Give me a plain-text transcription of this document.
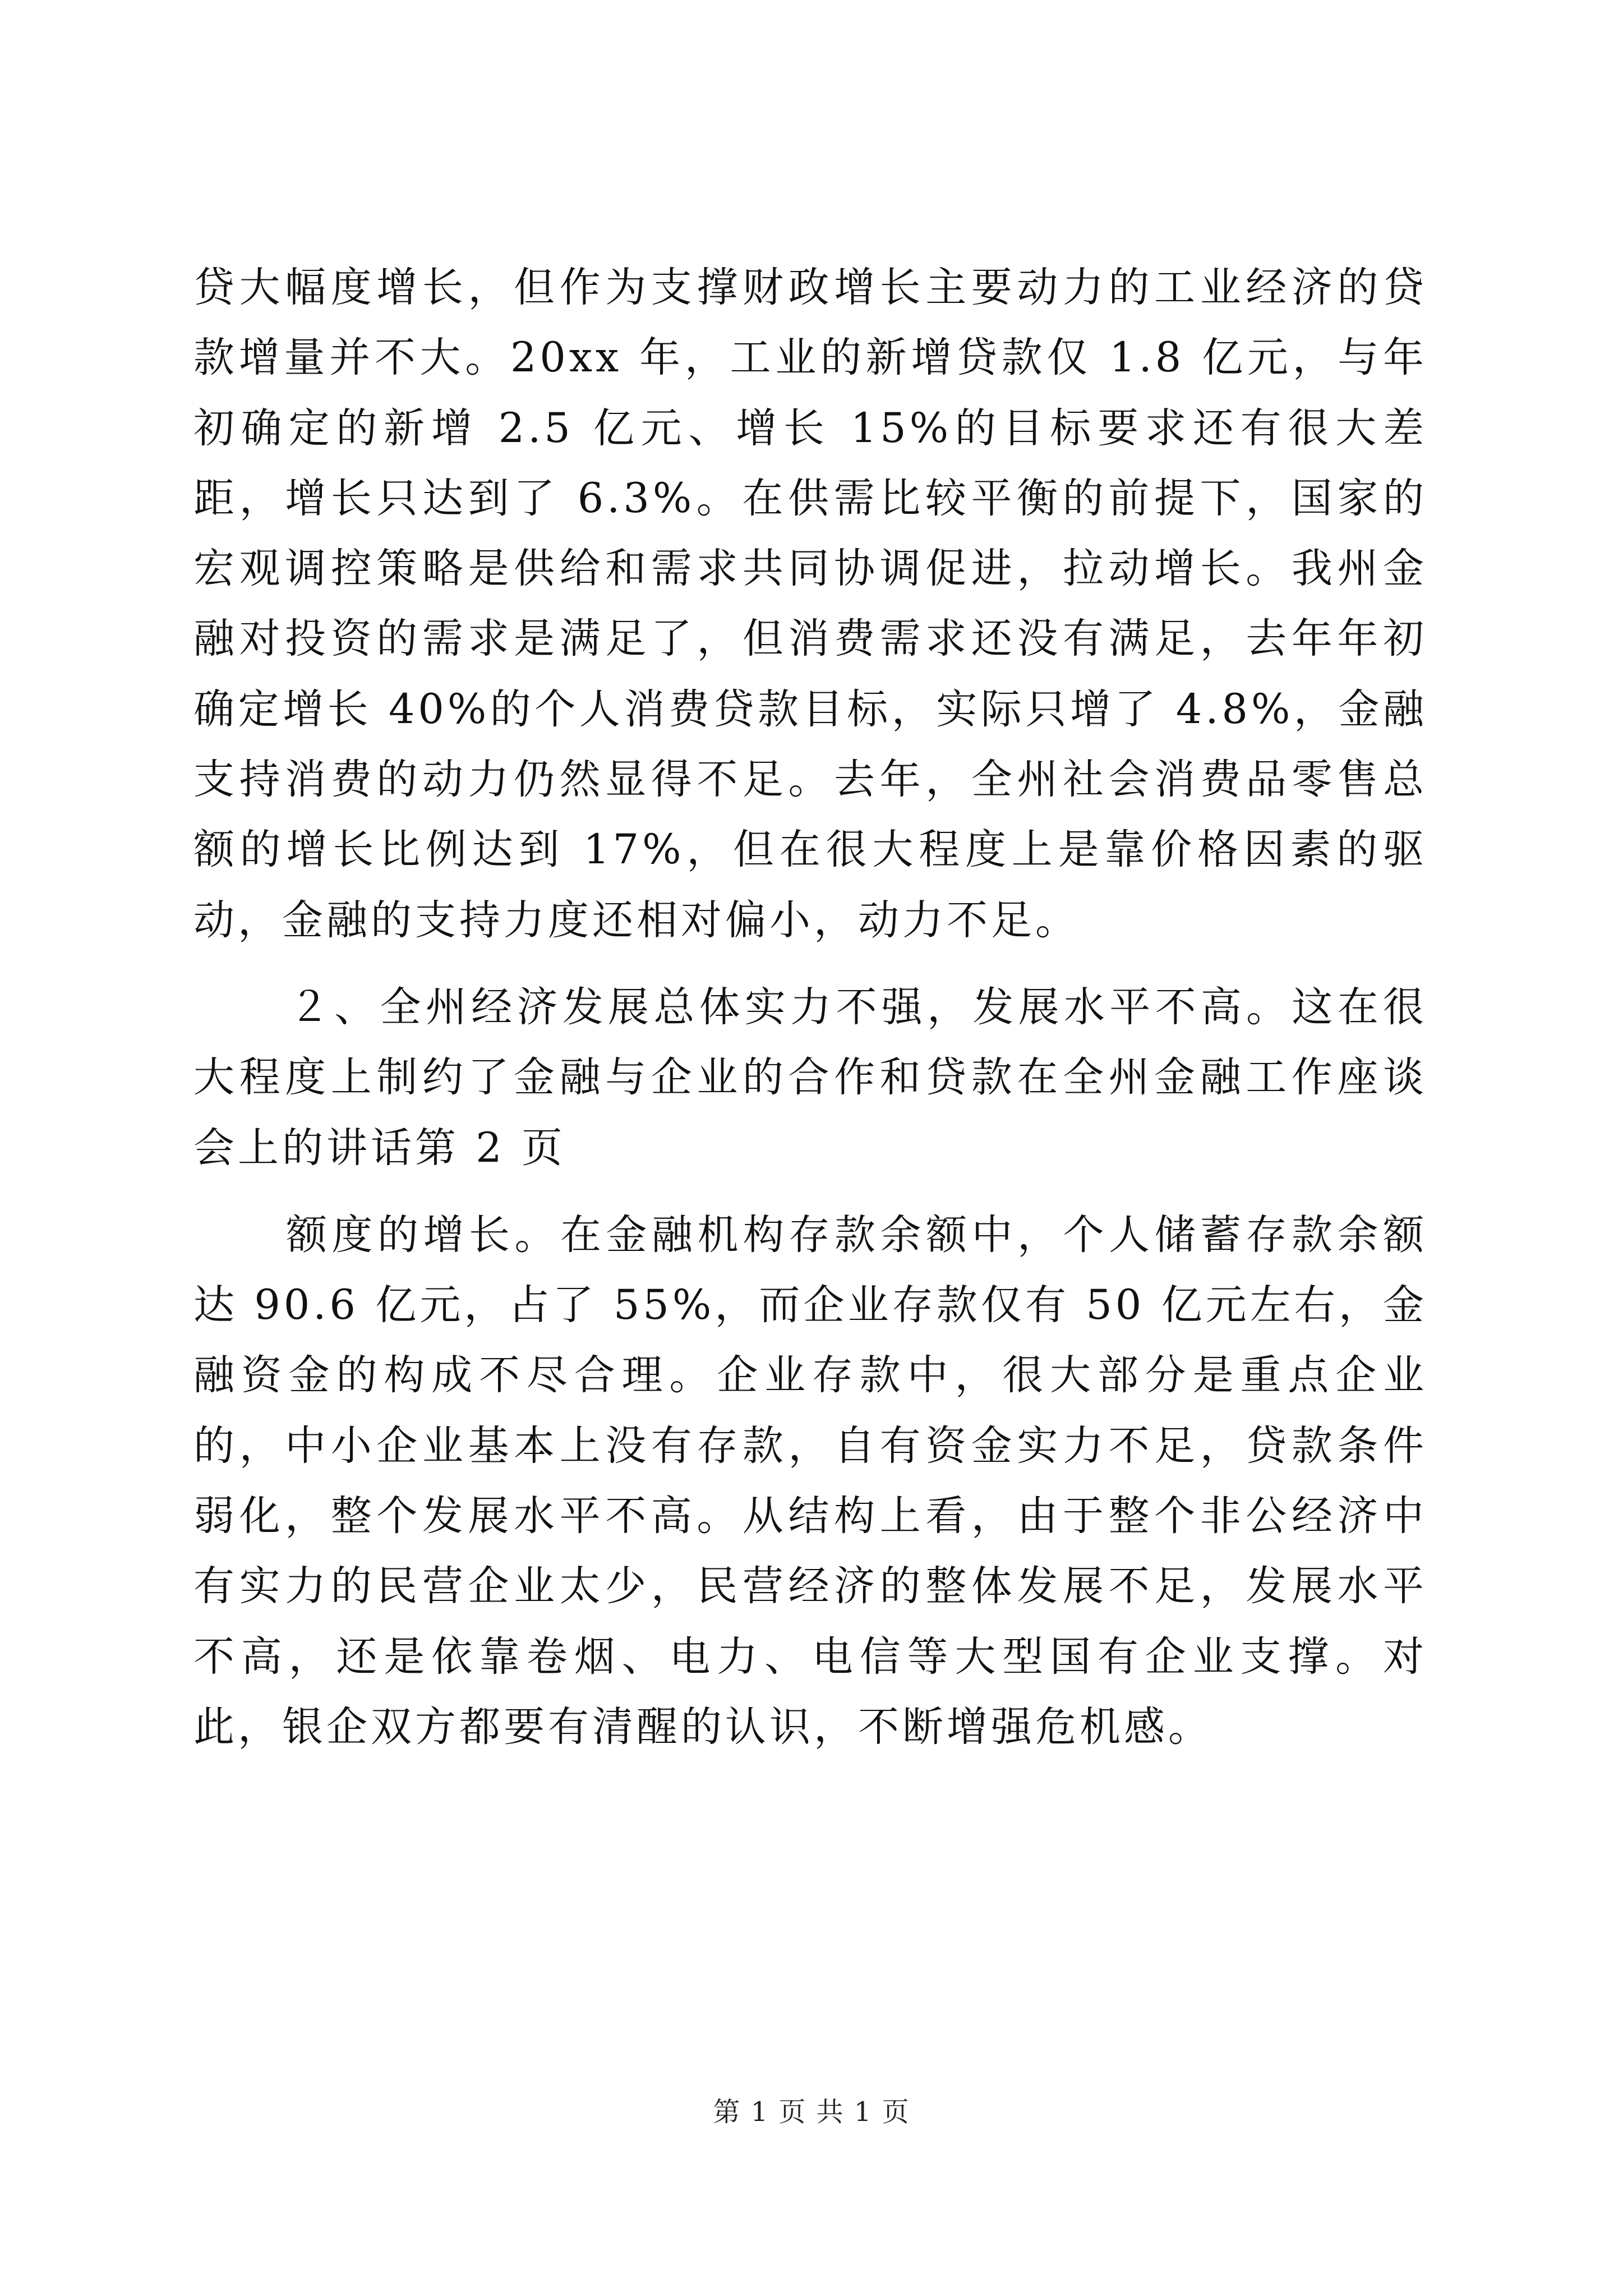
贷大幅度增长，但作为支撑财政增长主要动力的工业经济的贷款增量并不大。20xx 年，工业的新增贷款仅 1.8 亿元，与年初确定的新增 2.5 亿元、增长 15%的目标要求还有很大差距，增长只达到了 6.3%。在供需比较平衡的前提下，国家的宏观调控策略是供给和需求共同协调促进，拉动增长。我州金融对投资的需求是满足了，但消费需求还没有满足，去年年初确定增长 40%的个人消费贷款目标，实际只增了 4.8%，金融支持消费的动力仍然显得不足。去年，全州社会消费品零售总额的增长比例达到 17%，但在很大程度上是靠价格因素的驱动，金融的支持力度还相对偏小，动力不足。

２、全州经济发展总体实力不强，发展水平不高。这在很大程度上制约了金融与企业的合作和贷款在全州金融工作座谈会上的讲话第 2 页

额度的增长。在金融机构存款余额中，个人储蓄存款余额达 90.6 亿元，占了 55%，而企业存款仅有 50 亿元左右，金融资金的构成不尽合理。企业存款中，很大部分是重点企业的，中小企业基本上没有存款，自有资金实力不足，贷款条件弱化，整个发展水平不高。从结构上看，由于整个非公经济中有实力的民营企业太少，民营经济的整体发展不足，发展水平不高，还是依靠卷烟、电力、电信等大型国有企业支撑。对此，银企双方都要有清醒的认识，不断增强危机感。

第 1 页 共 1 页
